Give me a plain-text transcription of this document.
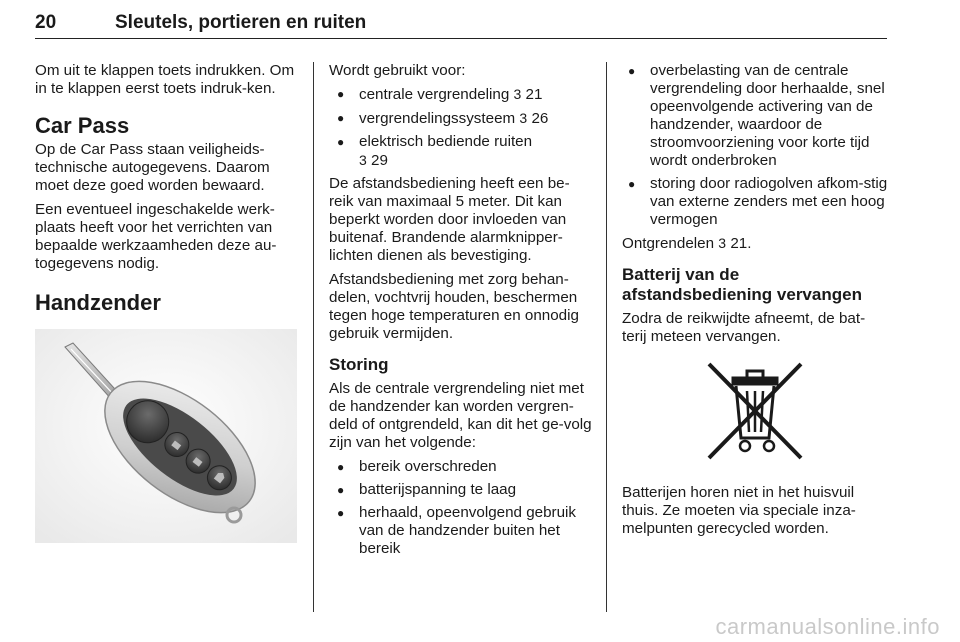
20	Sleutels, portieren en ruiten

Om uit te klappen toets indrukken. Om in te klappen eerst toets indruk-ken.

Car Pass

Op de Car Pass staan veiligheids-technische autogegevens. Daarom moet deze goed worden bewaard.

Een eventueel ingeschakelde werk-plaats heeft voor het verrichten van bepaalde werkzaamheden deze au-togegevens nodig.

Handzender

Wordt gebruikt voor:

● centrale vergrendeling 3 21
● vergrendelingssysteem 3 26
● elektrisch bediende ruiten
3 29

De afstandsbediening heeft een be-reik van maximaal 5 meter. Dit kan beperkt worden door invloeden van buitenaf. Brandende alarmknipper-lichten dienen als bevestiging.

Afstandsbediening met zorg behan-delen, vochtvrij houden, beschermen tegen hoge temperaturen en onnodig gebruik vermijden.

Storing

Als de centrale vergrendeling niet met de handzender kan worden vergren-deld of ontgrendeld, kan dit het ge-volg zijn van het volgende:

● bereik overschreden
● batterijspanning te laag
● herhaald, opeenvolgend gebruik van de handzender buiten het bereik
● overbelasting van de centrale vergrendeling door herhaalde, snel opeenvolgende activering van de handzender, waardoor de stroomvoorziening voor korte tijd wordt onderbroken
● storing door radiogolven afkom-stig van externe zenders met een hoog vermogen

Ontgrendelen 3 21.

Batterij van de afstandsbediening vervangen

Zodra de reikwijdte afneemt, de bat-terij meteen vervangen.

Batterijen horen niet in het huisvuil thuis. Ze moeten via speciale inza-melpunten gerecycled worden.

carmanualsonline.info
